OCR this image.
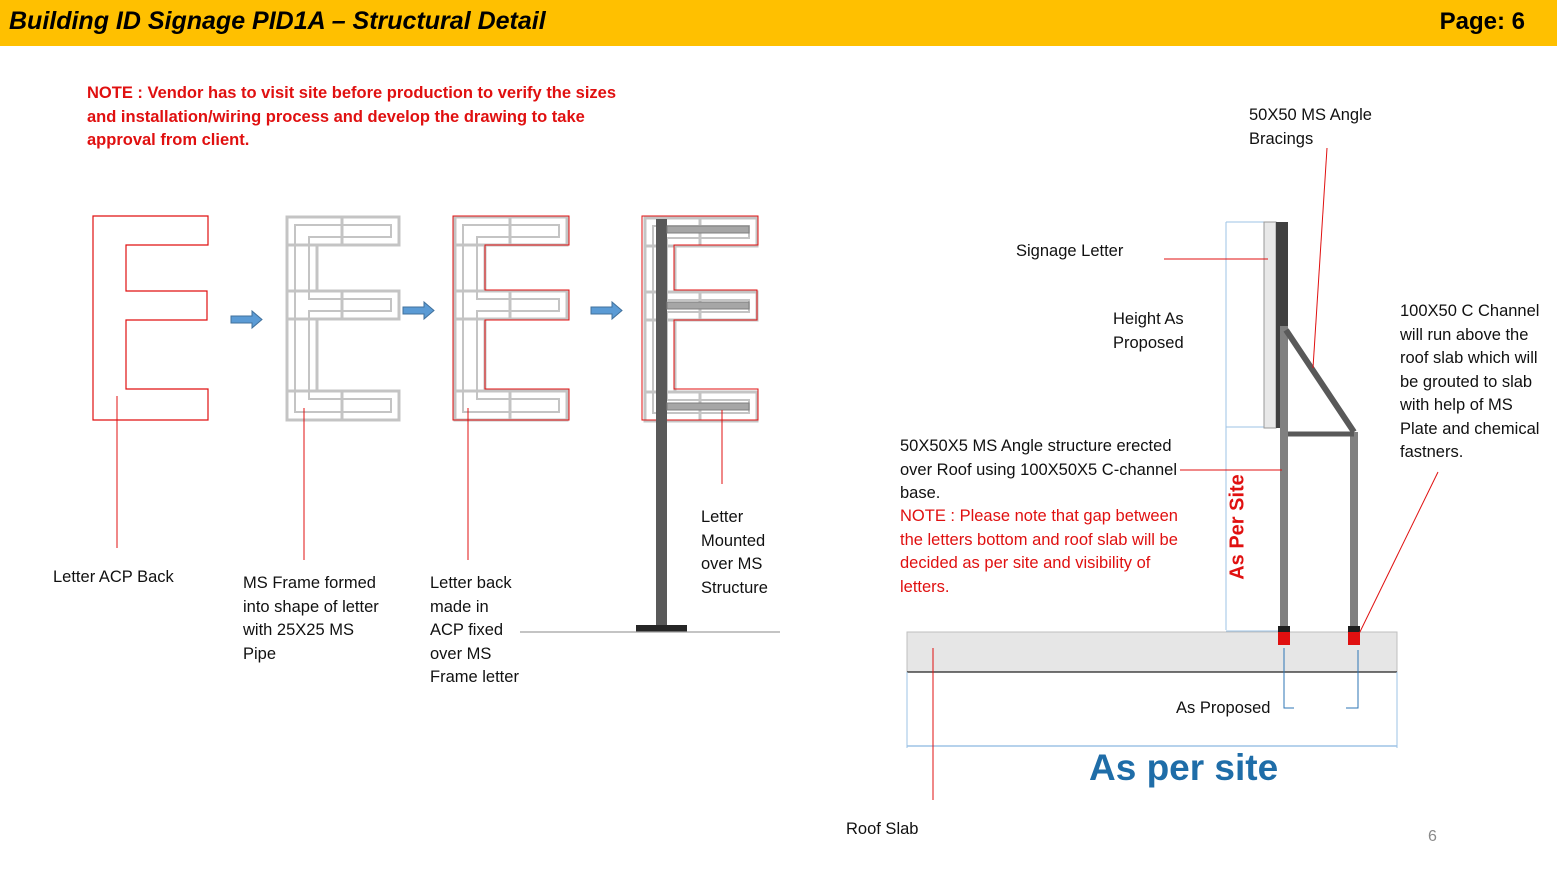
Building ID Signage PID1A – Structural Detail	Page: 6
NOTE : Vendor has to visit site before production to verify the sizes and installation/wiring process and develop the drawing to take approval from client.
Letter ACP Back	MS Frame formed into shape of letter with 25X25 MS Pipe
Letter back made in ACP fixed over MS Frame letter
Letter Mounted over MS Structure
50X50 MS Angle Bracings
Signage Letter
Height As Proposed
100X50 C Channel will run above the roof slab which will be grouted to slab with help of MS Plate and chemical fastners.
50X50X5 MS Angle structure erected over Roof using 100X50X5 C-channel base.
NOTE : Please note that gap between the letters bottom and roof slab will be decided as per site and visibility of letters.
As Per Site
As Proposed
As per site
Roof Slab	6
